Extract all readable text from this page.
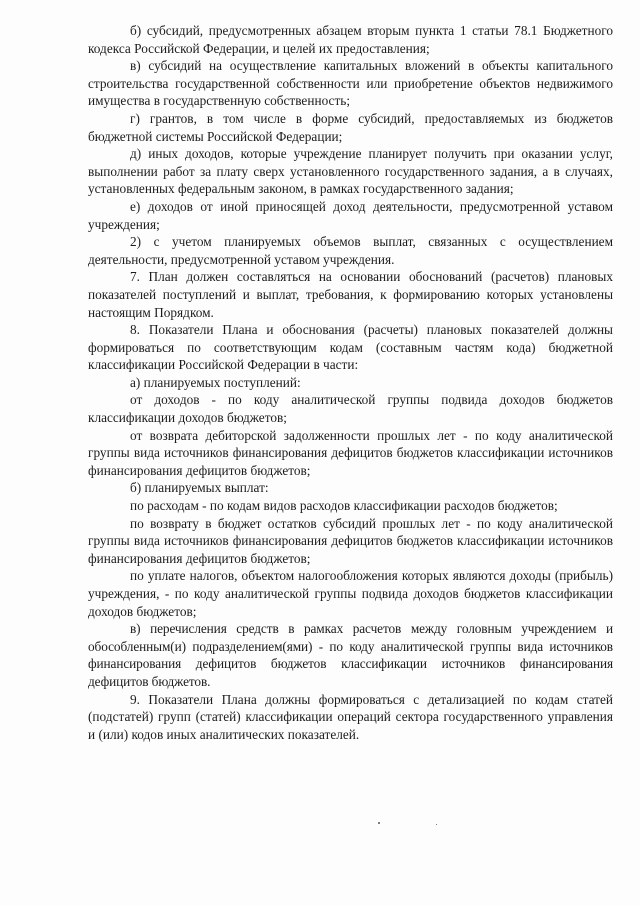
б) субсидий, предусмотренных абзацем вторым пункта 1 статьи 78.1 Бюджетного кодекса Российской Федерации, и целей их предоставления;

в) субсидий на осуществление капитальных вложений в объекты капитального строительства государственной собственности или приобретение объектов недвижимого имущества в государственную собственность;

г) грантов, в том числе в форме субсидий, предоставляемых из бюджетов бюджетной системы Российской Федерации;

д) иных доходов, которые учреждение планирует получить при оказании услуг, выполнении работ за плату сверх установленного государственного задания, а в случаях, установленных федеральным законом, в рамках государственного задания;

е) доходов от иной приносящей доход деятельности, предусмотренной уставом учреждения;

2) с учетом планируемых объемов выплат, связанных с осуществлением деятельности, предусмотренной уставом учреждения.

7. План должен составляться на основании обоснований (расчетов) плановых показателей поступлений и выплат, требования, к формированию которых установлены настоящим Порядком.

8. Показатели Плана и обоснования (расчеты) плановых показателей должны формироваться по соответствующим кодам (составным частям кода) бюджетной классификации Российской Федерации в части:

а) планируемых поступлений:

от доходов - по коду аналитической группы подвида доходов бюджетов классификации доходов бюджетов;

от возврата дебиторской задолженности прошлых лет - по коду аналитической группы вида источников финансирования дефицитов бюджетов классификации источников финансирования дефицитов бюджетов;

б) планируемых выплат:

по расходам - по кодам видов расходов классификации расходов бюджетов;

по возврату в бюджет остатков субсидий прошлых лет - по коду аналитической группы вида источников финансирования дефицитов бюджетов классификации источников финансирования дефицитов бюджетов;

по уплате налогов, объектом налогообложения которых являются доходы (прибыль) учреждения, - по коду аналитической группы подвида доходов бюджетов классификации доходов бюджетов;

в) перечисления средств в рамках расчетов между головным учреждением и обособленным(и) подразделением(ями) - по коду аналитической группы вида источников финансирования дефицитов бюджетов классификации источников финансирования дефицитов бюджетов.

9. Показатели Плана должны формироваться с детализацией по кодам статей (подстатей) групп (статей) классификации операций сектора государственного управления и (или) кодов иных аналитических показателей.
